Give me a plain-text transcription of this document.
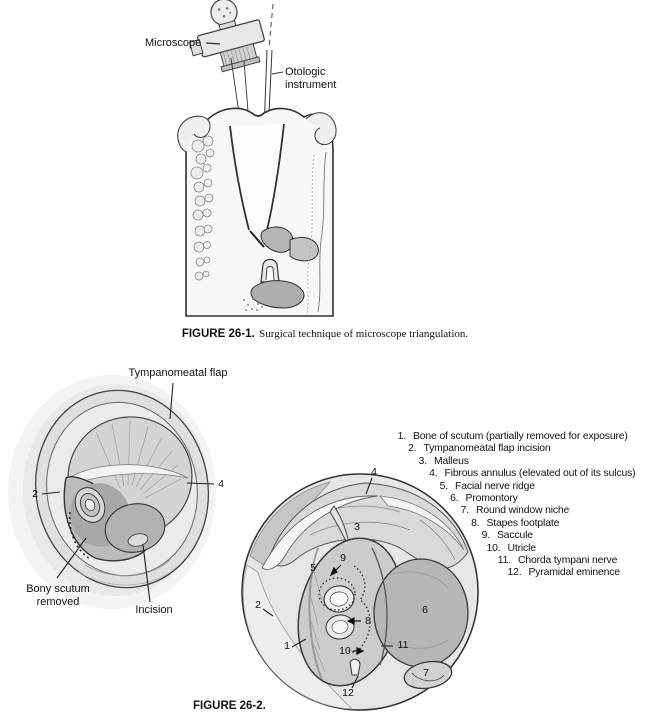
Microscope
Otologic instrument
FIGURE 26-1. Surgical technique of microscope triangulation.
Tympanomeatal flap
2
4
Bony scutum removed
Incision
1
2
3
4
5
6
7
8
9
10	11
12
1. Bone of scutum (partially removed for exposure)
2. Tympanomeatal flap incision
3. Malleus
4. Fibrous annulus (elevated out of its sulcus)
5. Facial nerve ridge
6. Promontory
7. Round window niche
8. Stapes footplate
9. Saccule
10. Utricle
11. Chorda tympani nerve
12. Pyramidal eminence
FIGURE 26-2.
